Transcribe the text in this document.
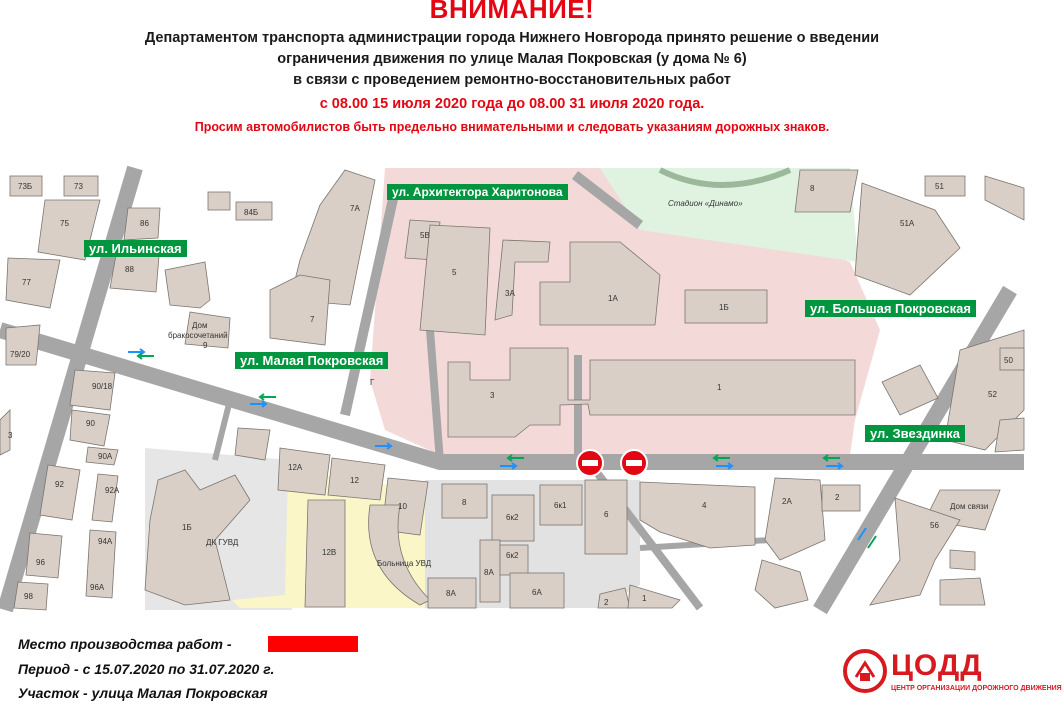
ВНИМАНИЕ!
Департаментом транспорта администрации города Нижнего Новгорода принято решение о введении
ограничения движения по улице Малая Покровская (у дома № 6)
в связи с проведением ремонтно-восстановительных работ
с 08.00 15 июля 2020 года до 08.00 31 июля 2020 года.
Просим автомобилистов быть предельно внимательными и следовать указаниям дорожных знаков.
73Б	73
75
77
86
88
84Б	7А
5В
5
3А
1А
1Б
8	51
51А
Стадион «Динамо»
Дом
бракосочетаний
9
7
79/20
90/18
90
90А
Г
3
1
50
52
3
92
92А
94А
96
96А
98
1Б
ДК ГУВД
12А
12
12В
10
Больница УВД
8
6к2
6к1
6
6к2
8А
8А	6А
4	2А	2
Дом связи
56
2	1
ул. Ильинская
ул. Архитектора Харитонова
ул. Малая Покровская
ул. Большая Покровская
ул. Звездинка
Место производства работ -
Период - с 15.07.2020 по 31.07.2020 г.
Участок - улица Малая Покровская
ЦОДД
ЦЕНТР ОРГАНИЗАЦИИ ДОРОЖНОГО ДВИЖЕНИЯ
